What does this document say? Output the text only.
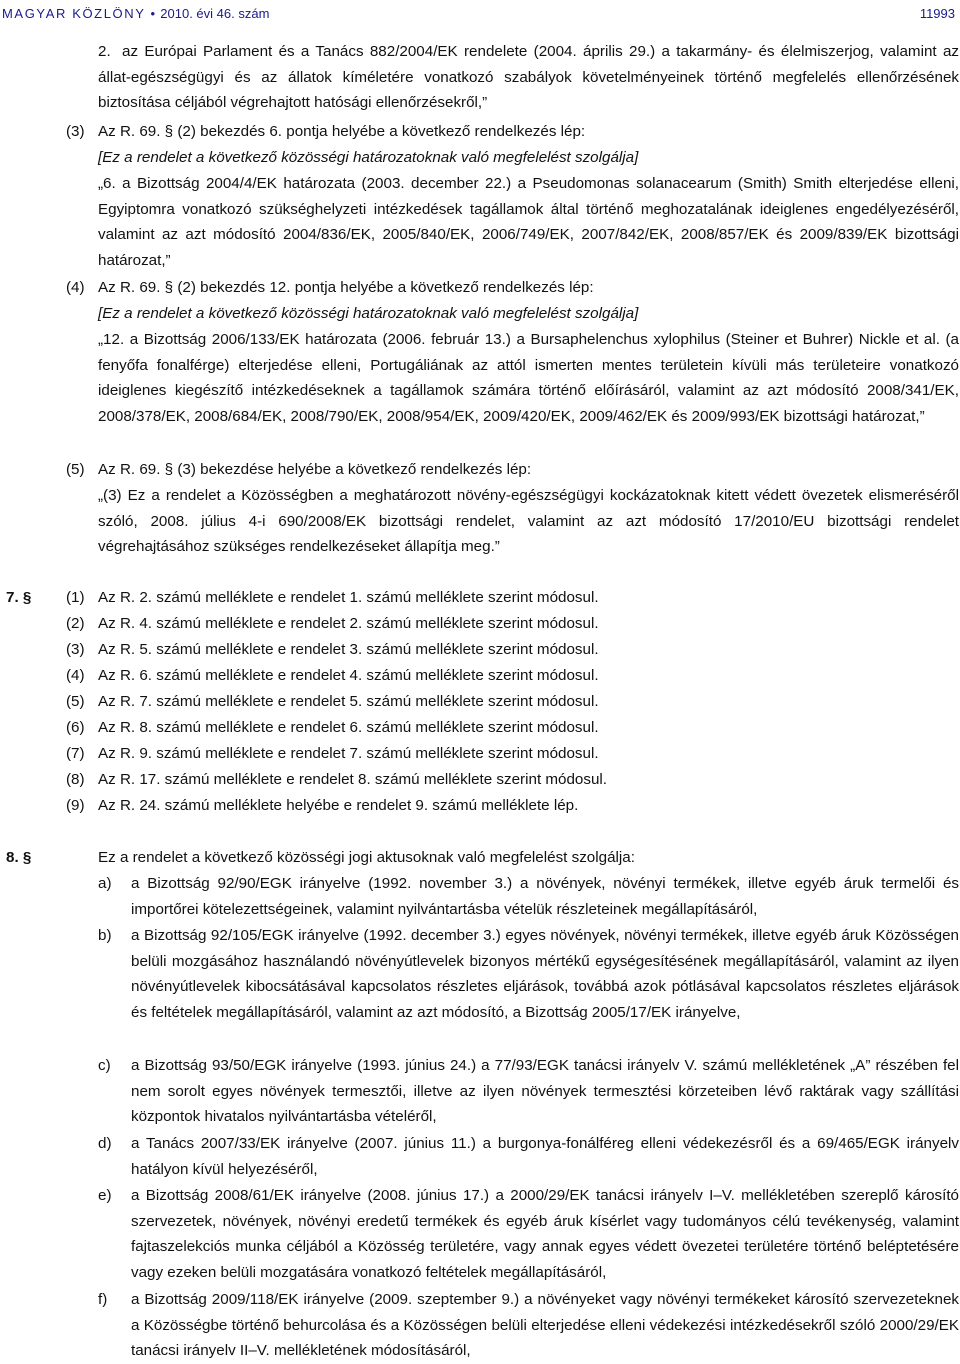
MAGYAR KÖZLÖNY • 2010. évi 46. szám	11993
2. az Európai Parlament és a Tanács 882/2004/EK rendelete (2004. április 29.) a takarmány- és élelmiszerjog, valamint az állat-egészségügyi és az állatok kíméletére vonatkozó szabályok követelményeinek történő megfelelés ellenőrzésének biztosítása céljából végrehajtott hatósági ellenőrzésekről,”
(3) Az R. 69. § (2) bekezdés 6. pontja helyébe a következő rendelkezés lép:
[Ez a rendelet a következő közösségi határozatoknak való megfelelést szolgálja]
„6. a Bizottság 2004/4/EK határozata (2003. december 22.) a Pseudomonas solanacearum (Smith) Smith elterjedése elleni, Egyiptomra vonatkozó szükséghelyzeti intézkedések tagállamok által történő meghozatalának ideiglenes engedélyezéséről, valamint az azt módosító 2004/836/EK, 2005/840/EK, 2006/749/EK, 2007/842/EK, 2008/857/EK és 2009/839/EK bizottsági határozat,”
(4) Az R. 69. § (2) bekezdés 12. pontja helyébe a következő rendelkezés lép:
[Ez a rendelet a következő közösségi határozatoknak való megfelelést szolgálja]
„12. a Bizottság 2006/133/EK határozata (2006. február 13.) a Bursaphelenchus xylophilus (Steiner et Buhrer) Nickle et al. (a fenyőfa fonalférge) elterjedése elleni, Portugáliának az attól ismerten mentes területein kívüli más területeire vonatkozó ideiglenes kiegészítő intézkedéseknek a tagállamok számára történő előírásáról, valamint az azt módosító 2008/341/EK, 2008/378/EK, 2008/684/EK, 2008/790/EK, 2008/954/EK, 2009/420/EK, 2009/462/EK és 2009/993/EK bizottsági határozat,”
(5) Az R. 69. § (3) bekezdése helyébe a következő rendelkezés lép:
„(3) Ez a rendelet a Közösségben a meghatározott növény-egészségügyi kockázatoknak kitett védett övezetek elismeréséről szóló, 2008. július 4-i 690/2008/EK bizottsági rendelet, valamint az azt módosító 17/2010/EU bizottsági rendelet végrehajtásához szükséges rendelkezéseket állapítja meg.”
7. § (1) Az R. 2. számú melléklete e rendelet 1. számú melléklete szerint módosul.
(2) Az R. 4. számú melléklete e rendelet 2. számú melléklete szerint módosul.
(3) Az R. 5. számú melléklete e rendelet 3. számú melléklete szerint módosul.
(4) Az R. 6. számú melléklete e rendelet 4. számú melléklete szerint módosul.
(5) Az R. 7. számú melléklete e rendelet 5. számú melléklete szerint módosul.
(6) Az R. 8. számú melléklete e rendelet 6. számú melléklete szerint módosul.
(7) Az R. 9. számú melléklete e rendelet 7. számú melléklete szerint módosul.
(8) Az R. 17. számú melléklete e rendelet 8. számú melléklete szerint módosul.
(9) Az R. 24. számú melléklete helyébe e rendelet 9. számú melléklete lép.
8. §	Ez a rendelet a következő közösségi jogi aktusoknak való megfelelést szolgálja:
a) a Bizottság 92/90/EGK irányelve (1992. november 3.) a növények, növényi termékek, illetve egyéb áruk termelői és importőrei kötelezettségeinek, valamint nyilvántartásba vételük részleteinek megállapításáról,
b) a Bizottság 92/105/EGK irányelve (1992. december 3.) egyes növények, növényi termékek, illetve egyéb áruk Közösségen belüli mozgásához használandó növényútlevelek bizonyos mértékű egységesítésének megállapításáról, valamint az ilyen növényútlevelek kibocsátásával kapcsolatos részletes eljárások, továbbá azok pótlásával kapcsolatos részletes eljárások és feltételek megállapításáról, valamint az azt módosító, a Bizottság 2005/17/EK irányelve,
c) a Bizottság 93/50/EGK irányelve (1993. június 24.) a 77/93/EGK tanácsi irányelv V. számú mellékletének „A” részében fel nem sorolt egyes növények termesztői, illetve az ilyen növények termesztési körzeteiben lévő raktárak vagy szállítási központok hivatalos nyilvántartásba vételéről,
d) a Tanács 2007/33/EK irányelve (2007. június 11.) a burgonya-fonálféreg elleni védekezésről és a 69/465/EGK irányelv hatályon kívül helyezéséről,
e) a Bizottság 2008/61/EK irányelve (2008. június 17.) a 2000/29/EK tanácsi irányelv I–V. mellékletében szereplő károsító szervezetek, növények, növényi eredetű termékek és egyéb áruk kísérlet vagy tudományos célú tevékenység, valamint fajtaszelekciós munka céljából a Közösség területére, vagy annak egyes védett övezetei területére történő beléptetésére vagy ezeken belüli mozgatására vonatkozó feltételek megállapításáról,
f) a Bizottság 2009/118/EK irányelve (2009. szeptember 9.) a növényeket vagy növényi termékeket károsító szervezeteknek a Közösségbe történő behurcolása és a Közösségen belüli elterjedése elleni védekezési intézkedésekről szóló 2000/29/EK tanácsi irányelv II–V. mellékletének módosításáról,
